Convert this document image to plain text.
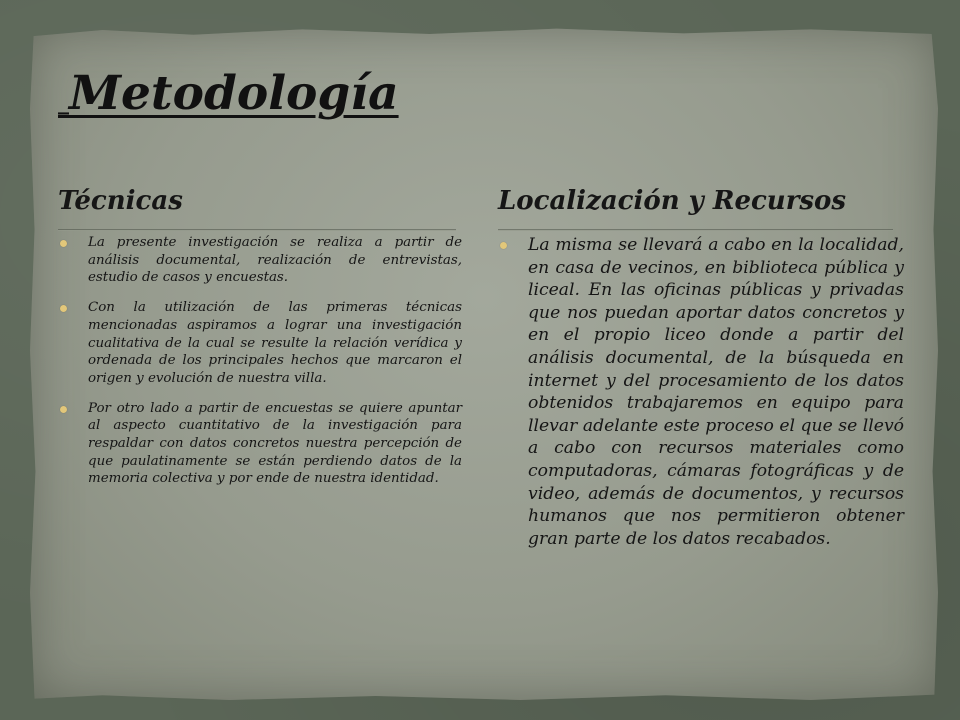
_Metodología
Técnicas	Localización y Recursos
La presente investigación se realiza a partir de análisis documental, realización de entrevistas, estudio de casos y encuestas.
Con la utilización de las primeras técnicas mencionadas aspiramos a lograr una investigación cualitativa de la cual se resulte la relación verídica y ordenada de los principales hechos que marcaron el origen y evolución de nuestra villa.
Por otro lado a partir de encuestas se quiere apuntar al aspecto cuantitativo de la investigación para respaldar con datos concretos nuestra percepción de que paulatinamente se están perdiendo datos de la memoria colectiva y por ende de nuestra identidad.
La misma se llevará a cabo en la localidad, en casa de vecinos, en biblioteca pública y liceal. En las oficinas públicas y privadas que nos puedan aportar datos concretos y en el propio liceo donde a partir del análisis documental, de la búsqueda en internet y del procesamiento de los datos obtenidos trabajaremos en equipo para llevar adelante este proceso el que se llevó a cabo con recursos materiales como computadoras, cámaras fotográficas y de video, además de documentos, y recursos humanos que nos permitieron obtener gran parte de los datos recabados.
